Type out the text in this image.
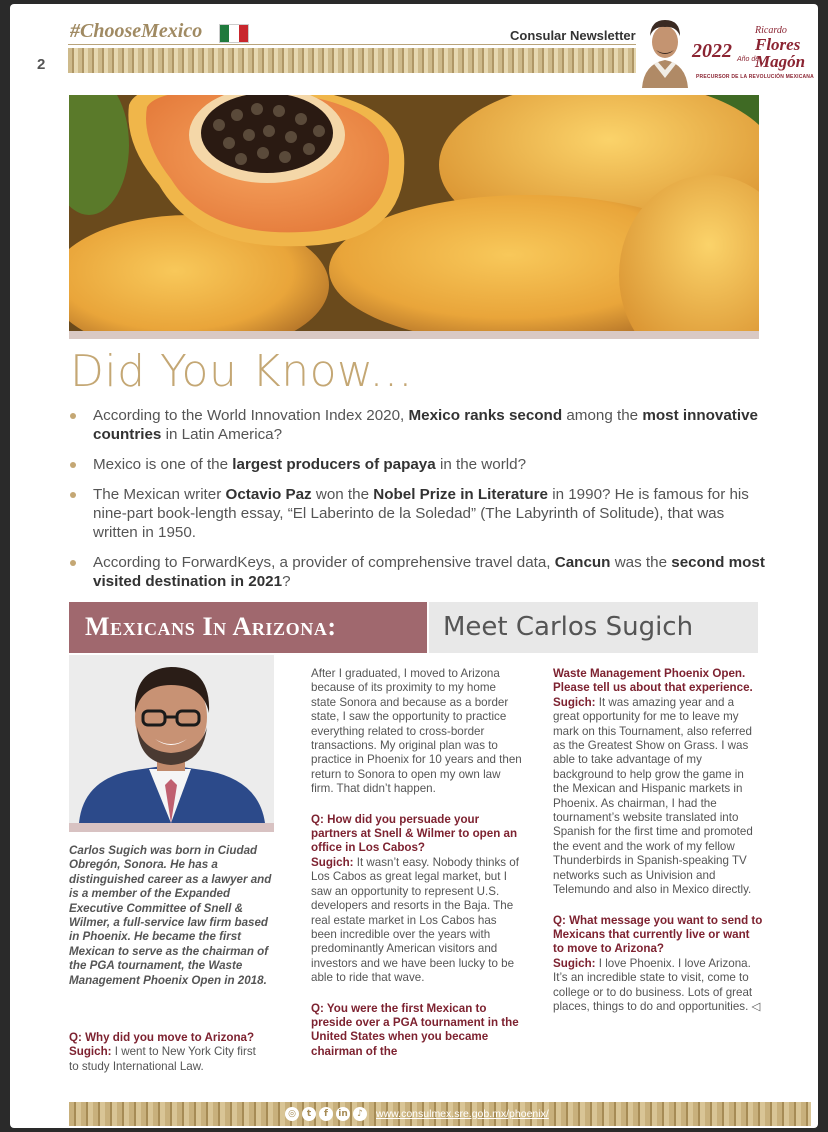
2
#ChooseMexico	Consular Newsletter
2022 Año de
Ricardo
Flores
Magón
PRECURSOR DE LA REVOLUCIÓN MEXICANA
Did You Know...
According to the World Innovation Index 2020, Mexico ranks second among the most innovative countries in Latin America?
Mexico is one of the largest producers of papaya in the world?
The Mexican writer Octavio Paz won the Nobel Prize in Literature in 1990? He is famous for his nine-part book-length essay, “El Laberinto de la Soledad” (The Labyrinth of Solitude), that was written in 1950.
According to ForwardKeys, a provider of comprehensive travel data, Cancun was the second most visited destination in 2021?
Mexicans In Arizona:	Meet Carlos Sugich

Carlos Sugich was born in Ciudad Obregón, Sonora. He has a distinguished career as a lawyer and is a member of the Expanded Executive Committee of Snell & Wilmer, a full-service law firm based in Phoenix. He became the first Mexican to serve as the chairman of the PGA tournament, the Waste Management Phoenix Open in 2018.

Q: Why did you move to Arizona?
Sugich: I went to New York City first to study International Law.

After I graduated, I moved to Arizona because of its proximity to my home state Sonora and because as a border state, I saw the opportunity to practice everything related to cross-border transactions. My original plan was to practice in Phoenix for 10 years and then return to Sonora to open my own law firm. That didn’t happen.

Q: How did you persuade your partners at Snell & Wilmer to open an office in Los Cabos?

Sugich: It wasn’t easy. Nobody thinks of Los Cabos as great legal market, but I saw an opportunity to represent U.S. developers and resorts in the Baja. The real estate market in Los Cabos has been incredible over the years with predominantly American visitors and investors and we have been lucky to be able to ride that wave.

Q: You were the first Mexican to preside over a PGA tournament in the United States when you became chairman of the
Waste Management Phoenix Open. Please tell us about that experience.

Sugich: It was amazing year and a great opportunity for me to leave my mark on this Tournament, also referred as the Greatest Show on Grass. I was able to take advantage of my background to help grow the game in the Mexican and Hispanic markets in Phoenix. As chairman, I had the tournament’s website translated into Spanish for the first time and promoted the event and the work of my fellow Thunderbirds in Spanish-speaking TV networks such as Univision and Telemundo and also in Mexico directly.

Q: What message you want to send to Mexicans that currently live or want to move to Arizona?
Sugich: I love Phoenix. I love Arizona. It’s an incredible state to visit, come to college or to do business. Lots of great places, things to do and opportunities. ◁
◎	t	f	in	♪	www.consulmex.sre.gob.mx/phoenix/
